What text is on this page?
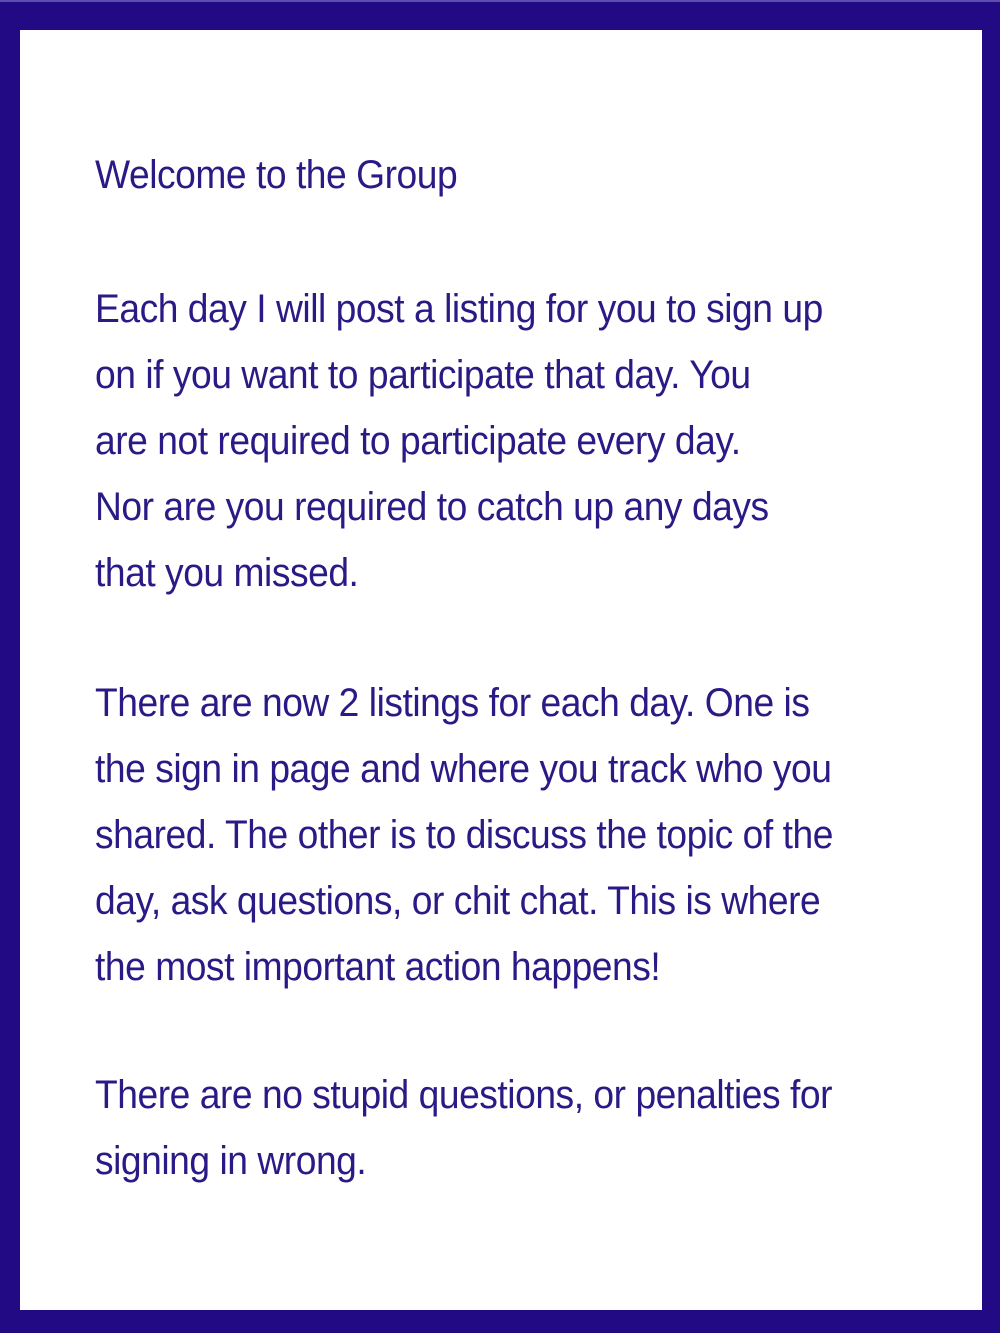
Welcome to the Group

Each day I will post a listing for you to sign up
on if you want to participate that day. You
are not required to participate every day.
Nor are you required to catch up any days
that you missed.

There are now 2 listings for each day. One is
the sign in page and where you track who you
shared. The other is to discuss the topic of the
day, ask questions, or chit chat. This is where
the most important action happens!

There are no stupid questions, or penalties for
signing in wrong.
